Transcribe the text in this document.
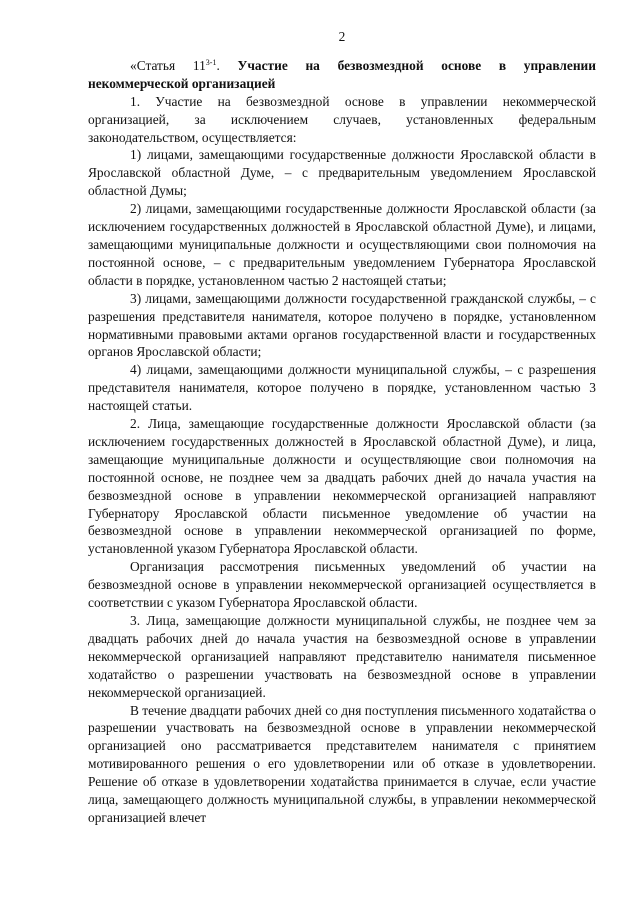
2

«Статья 11$^{3-1}$. Участие на безвозмездной основе в управлении некоммерческой организацией

1. Участие на безвозмездной основе в управлении некоммерческой организацией, за исключением случаев, установленных федеральным законодательством, осуществляется:

1) лицами, замещающими государственные должности Ярославской области в Ярославской областной Думе, – с предварительным уведомлением Ярославской областной Думы;

2) лицами, замещающими государственные должности Ярославской области (за исключением государственных должностей в Ярославской областной Думе), и лицами, замещающими муниципальные должности и осуществляющими свои полномочия на постоянной основе, – с предварительным уведомлением Губернатора Ярославской области в порядке, установленном частью 2 настоящей статьи;

3) лицами, замещающими должности государственной гражданской службы, – с разрешения представителя нанимателя, которое получено в порядке, установленном нормативными правовыми актами органов государственной власти и государственных органов Ярославской области;

4) лицами, замещающими должности муниципальной службы, – с разрешения представителя нанимателя, которое получено в порядке, установленном частью 3 настоящей статьи.

2. Лица, замещающие государственные должности Ярославской области (за исключением государственных должностей в Ярославской областной Думе), и лица, замещающие муниципальные должности и осуществляющие свои полномочия на постоянной основе, не позднее чем за двадцать рабочих дней до начала участия на безвозмездной основе в управлении некоммерческой организацией направляют Губернатору Ярославской области письменное уведомление об участии на безвозмездной основе в управлении некоммерческой организацией по форме, установленной указом Губернатора Ярославской области.

Организация рассмотрения письменных уведомлений об участии на безвозмездной основе в управлении некоммерческой организацией осуществляется в соответствии с указом Губернатора Ярославской области.

3. Лица, замещающие должности муниципальной службы, не позднее чем за двадцать рабочих дней до начала участия на безвозмездной основе в управлении некоммерческой организацией направляют представителю нанимателя письменное ходатайство о разрешении участвовать на безвозмездной основе в управлении некоммерческой организацией.

В течение двадцати рабочих дней со дня поступления письменного ходатайства о разрешении участвовать на безвозмездной основе в управлении некоммерческой организацией оно рассматривается представителем нанимателя с принятием мотивированного решения о его удовлетворении или об отказе в удовлетворении. Решение об отказе в удовлетворении ходатайства принимается в случае, если участие лица, замещающего должность муниципальной службы, в управлении некоммерческой организацией влечет
